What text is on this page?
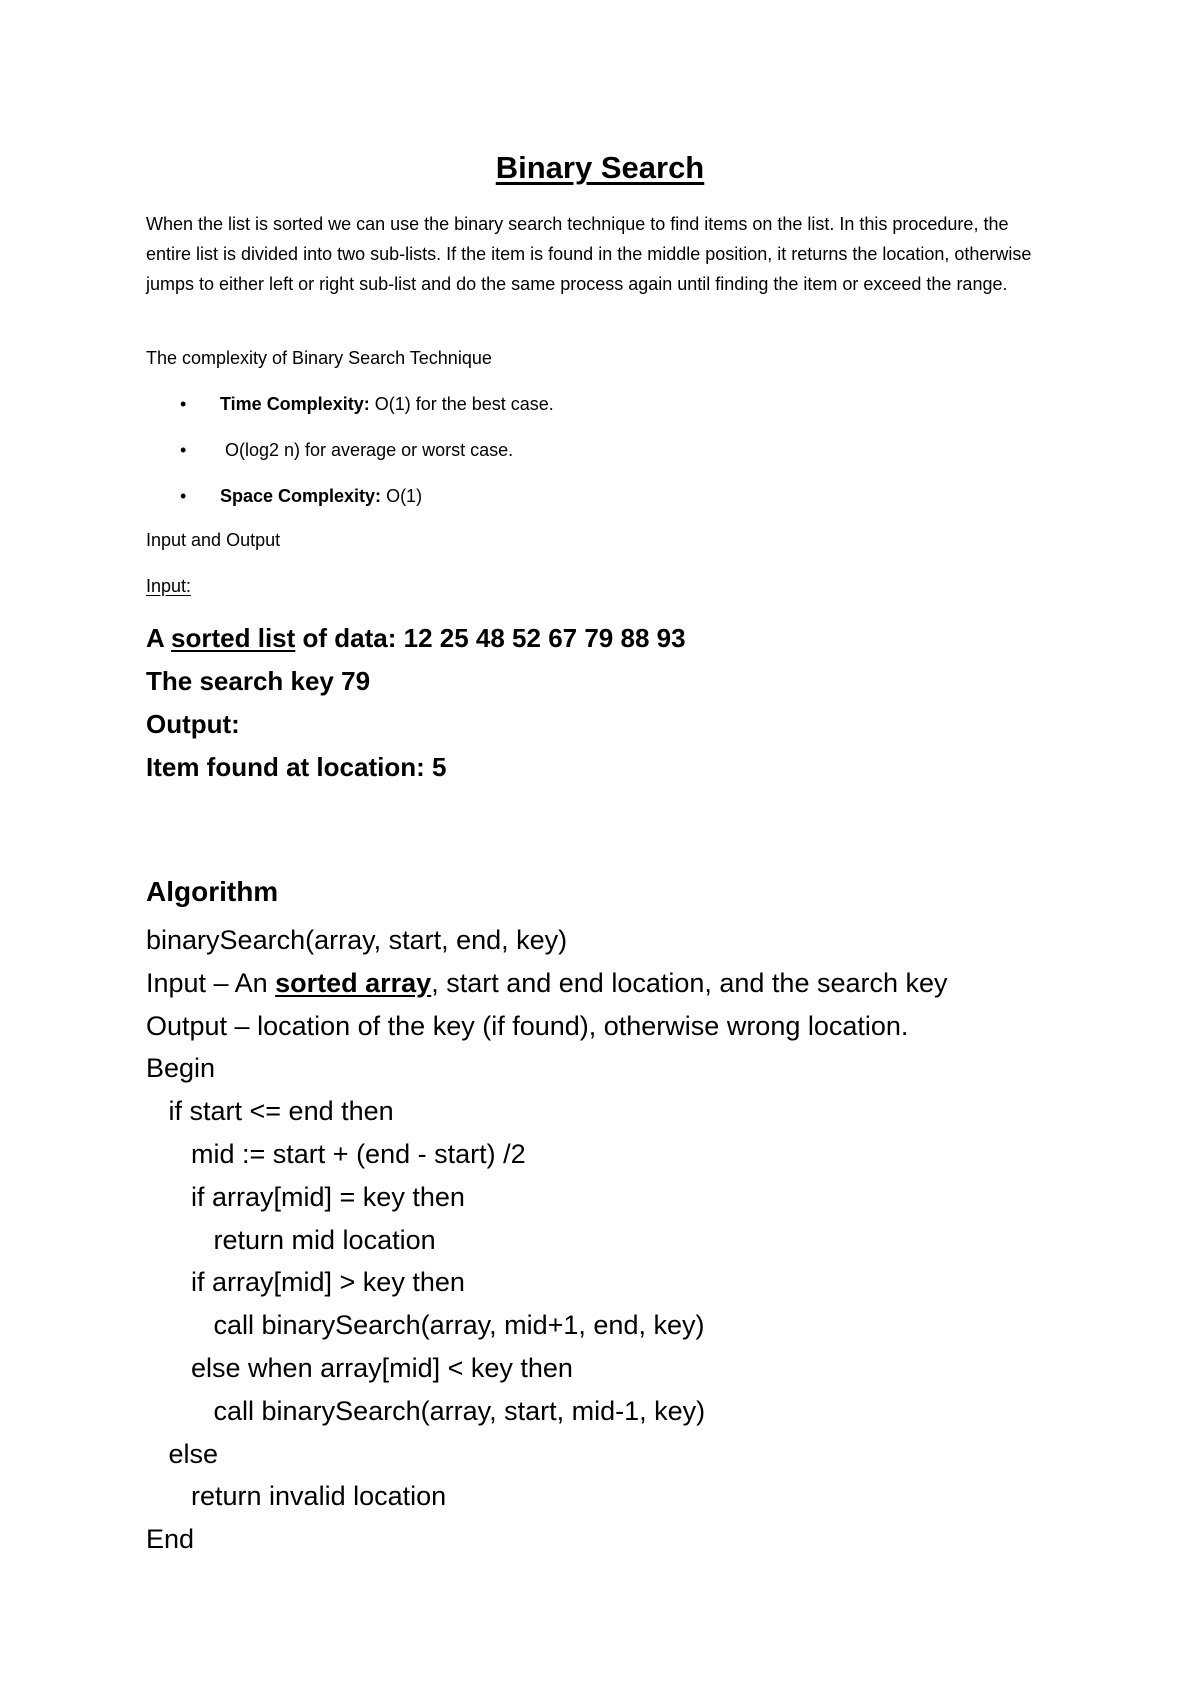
Binary Search

When the list is sorted we can use the binary search technique to find items on the list. In this procedure, the entire list is divided into two sub-lists. If the item is found in the middle position, it returns the location, otherwise jumps to either left or right sub-list and do the same process again until finding the item or exceed the range.

The complexity of Binary Search Technique

• Time Complexity: O(1) for the best case.

• O(log2 n) for average or worst case.

• Space Complexity: O(1)

Input and Output

Input:

A sorted list of data: 12 25 48 52 67 79 88 93

The search key 79

Output:

Item found at location: 5

Algorithm

binarySearch(array, start, end, key)
Input – An sorted array, start and end location, and the search key
Output – location of the key (if found), otherwise wrong location.
Begin
if start <= end then
mid := start + (end - start) /2
if array[mid] = key then
return mid location
if array[mid] > key then
call binarySearch(array, mid+1, end, key)
else when array[mid] < key then
call binarySearch(array, start, mid-1, key)
else
return invalid location
End
